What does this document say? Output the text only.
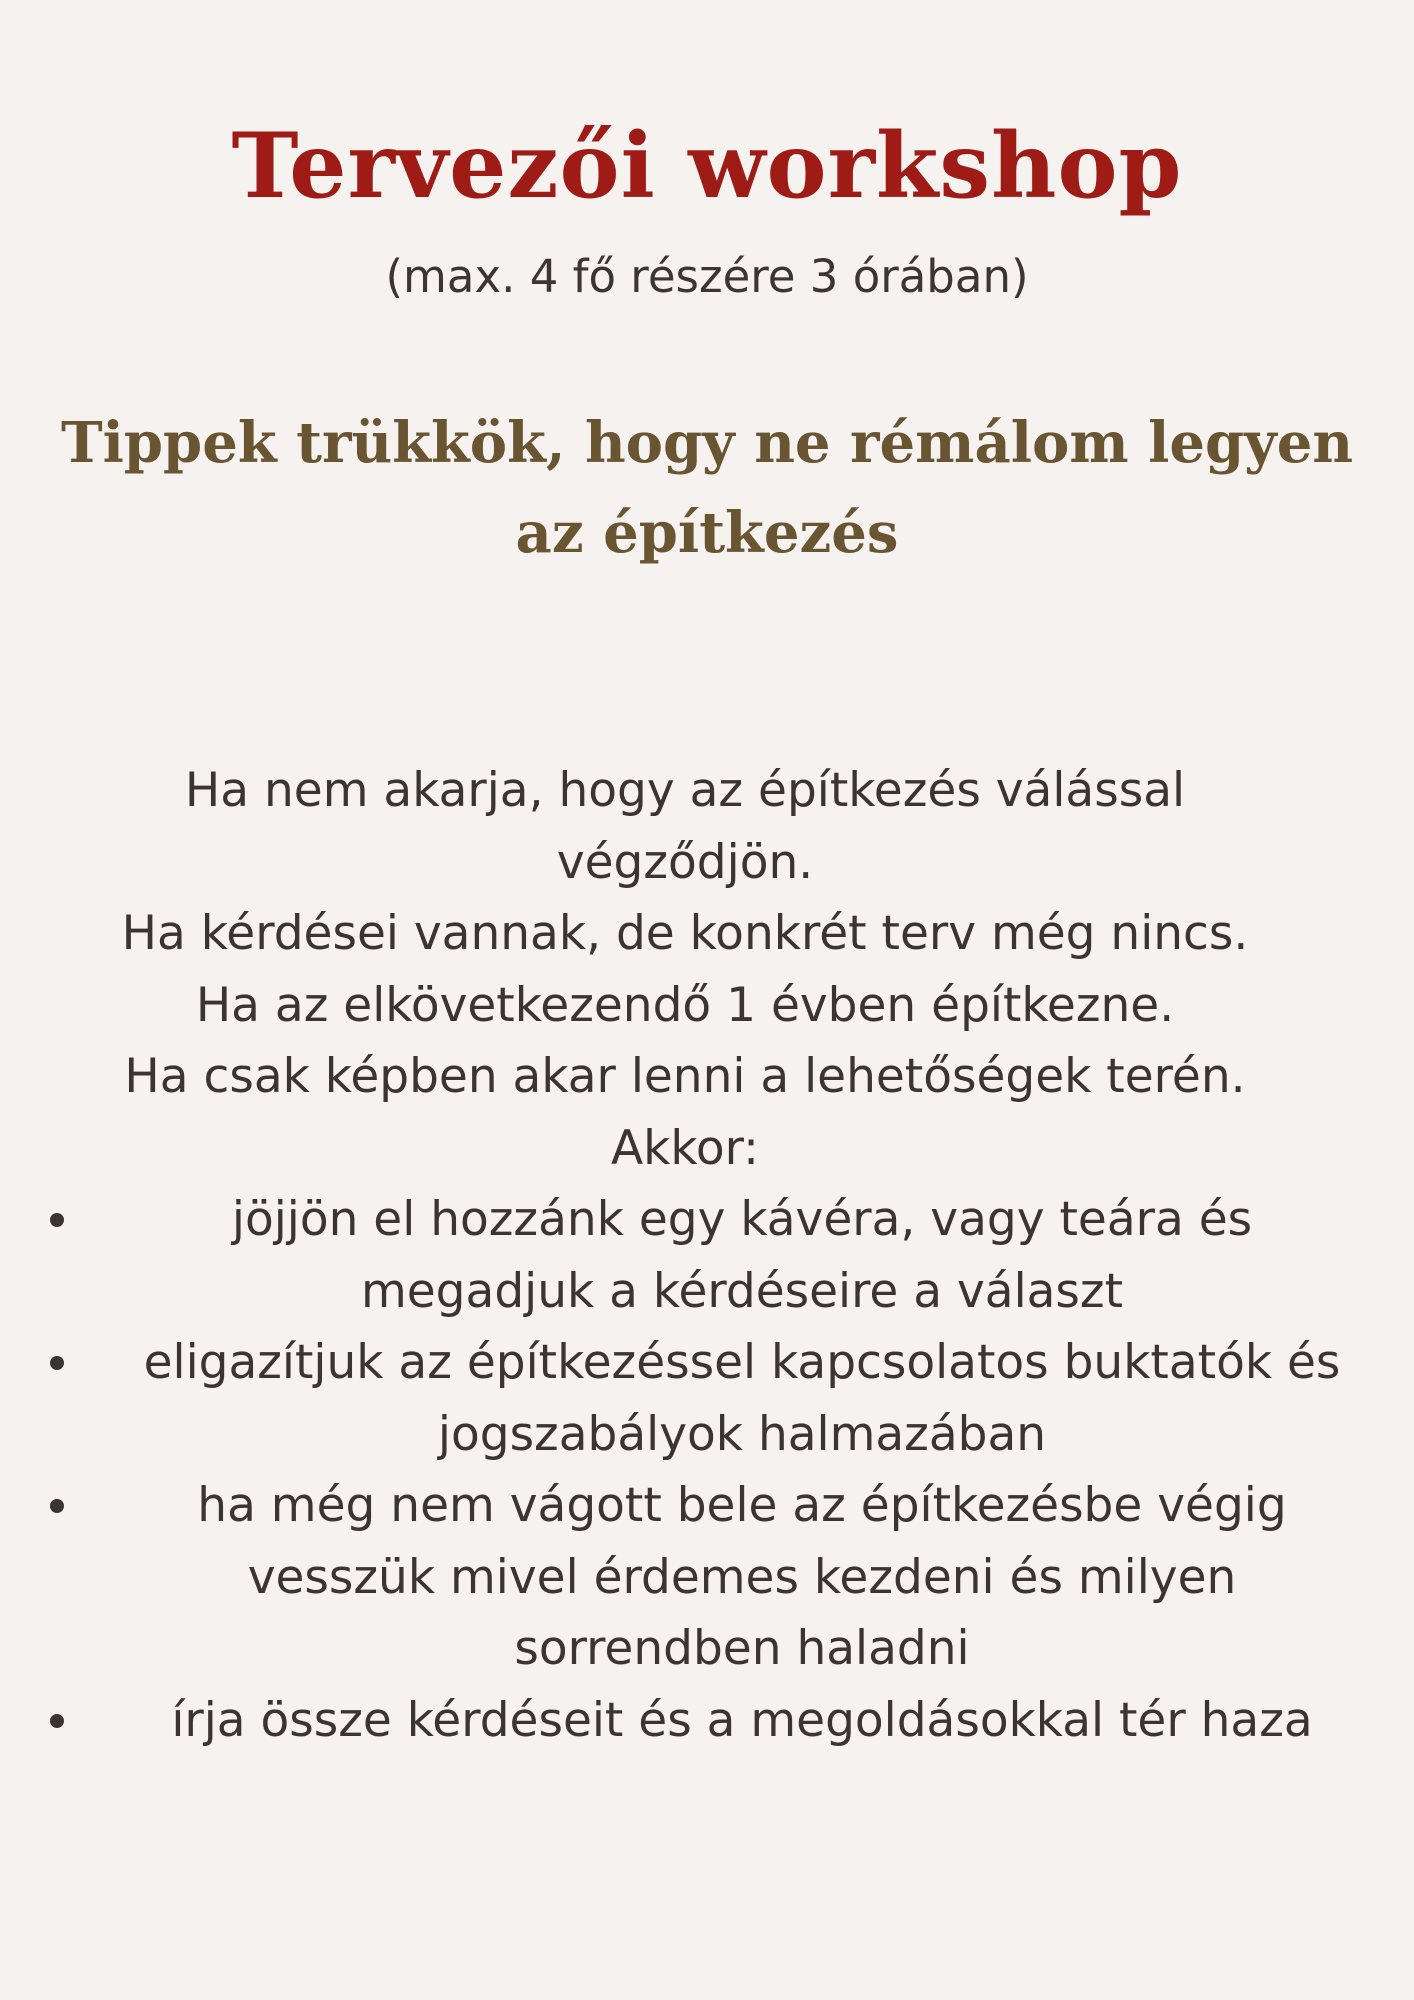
Tervezői workshop
(max. 4 fő részére 3 órában)
Tippek trükkök, hogy ne rémálom legyen az építkezés
Ha nem akarja, hogy az építkezés válással végződjön.
Ha kérdései vannak, de konkrét terv még nincs.
Ha az elkövetkezendő 1 évben építkezne.
Ha csak képben akar lenni a lehetőségek terén.
Akkor:
jöjjön el hozzánk egy kávéra, vagy teára és megadjuk a kérdéseire a választ
eligazítjuk az építkezéssel kapcsolatos buktatók és jogszabályok halmazában
ha még nem vágott bele az építkezésbe végig vesszük mivel érdemes kezdeni és milyen sorrendben haladni
írja össze kérdéseit és a megoldásokkal tér haza
